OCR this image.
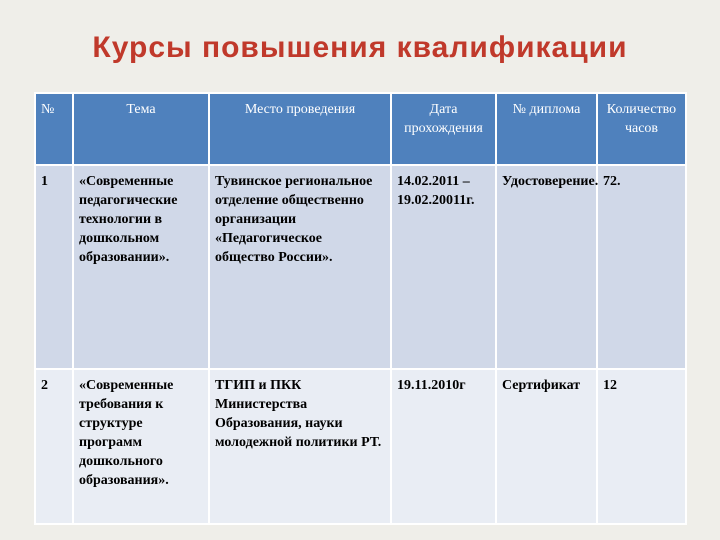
Курсы повышения квалификации
№	Тема	Место проведения	Дата прохождения	№ диплома	Количество часов
1	«Современные педагогические технологии в дошкольном образовании».	Тувинское региональное отделение общественно организации «Педагогическое общество России».	14.02.2011 – 19.02.20011г.	Удостоверение.	72.
2	«Современные требования к структуре программ дошкольного образования».	ТГИП и ПКК Министерства Образования, науки молодежной политики РТ.	19.11.2010г	Сертификат	12
